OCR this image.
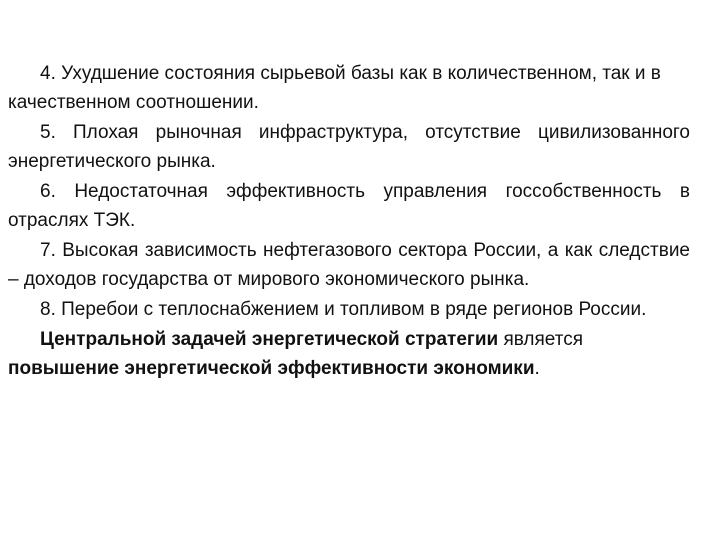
4. Ухудшение состояния сырьевой базы как в количественном, так и в качественном соотношении.

5. Плохая рыночная инфраструктура, отсутствие цивилизованного энергетического рынка.

6. Недостаточная эффективность управления госсобственность в отраслях ТЭК.

7. Высокая зависимость нефтегазового сектора России, а как следствие – доходов государства от мирового экономического рынка.

8. Перебои с теплоснабжением и топливом в ряде регионов России.

Центральной задачей энергетической стратегии является повышение энергетической эффективности экономики.
